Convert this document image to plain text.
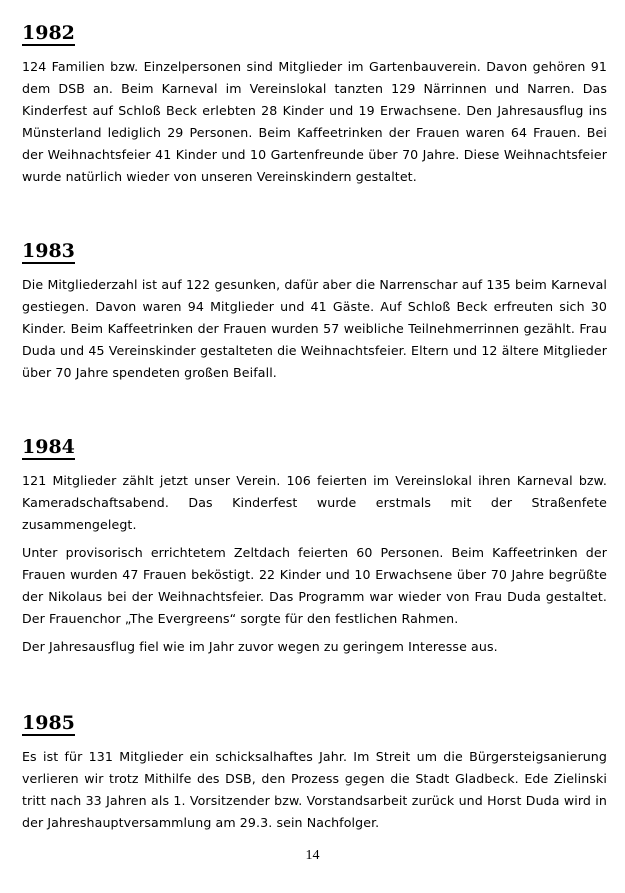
1982

124 Familien bzw. Einzelpersonen sind Mitglieder im Gartenbauverein. Davon gehören 91 dem DSB an. Beim Karneval im Vereinslokal tanzten 129 Närrinnen und Narren. Das Kinderfest auf Schloß Beck erlebten 28 Kinder und 19 Erwachsene. Den Jahresausflug ins Münsterland lediglich 29 Personen. Beim Kaffeetrinken der Frauen waren 64 Frauen. Bei der Weihnachtsfeier 41 Kinder und 10 Gartenfreunde über 70 Jahre. Diese Weihnachtsfeier wurde natürlich wieder von unseren Vereinskindern gestaltet.

1983

Die Mitgliederzahl ist auf 122 gesunken, dafür aber die Narrenschar auf 135 beim Karneval gestiegen. Davon waren 94 Mitglieder und 41 Gäste. Auf Schloß Beck erfreuten sich 30 Kinder. Beim Kaffeetrinken der Frauen wurden 57 weibliche Teilnehmerrinnen gezählt. Frau Duda und 45 Vereinskinder gestalteten die Weihnachtsfeier. Eltern und 12 ältere Mitglieder über 70 Jahre spendeten großen Beifall.

1984

121 Mitglieder zählt jetzt unser Verein. 106 feierten im Vereinslokal ihren Karneval bzw. Kameradschaftsabend. Das Kinderfest wurde erstmals mit der Straßenfete zusammengelegt.

Unter provisorisch errichtetem Zeltdach feierten 60 Personen. Beim Kaffeetrinken der Frauen wurden 47 Frauen beköstigt. 22 Kinder und 10 Erwachsene über 70 Jahre begrüßte der Nikolaus bei der Weihnachtsfeier. Das Programm war wieder von Frau Duda gestaltet. Der Frauenchor „The Evergreens“ sorgte für den festlichen Rahmen.

Der Jahresausflug fiel wie im Jahr zuvor wegen zu geringem Interesse aus.

1985

Es ist für 131 Mitglieder ein schicksalhaftes Jahr. Im Streit um die Bürgersteigsanierung verlieren wir trotz Mithilfe des DSB, den Prozess gegen die Stadt Gladbeck. Ede Zielinski tritt nach 33 Jahren als 1. Vorsitzender bzw. Vorstandsarbeit zurück und Horst Duda wird in der Jahreshauptversammlung am 29.3. sein Nachfolger.

14
